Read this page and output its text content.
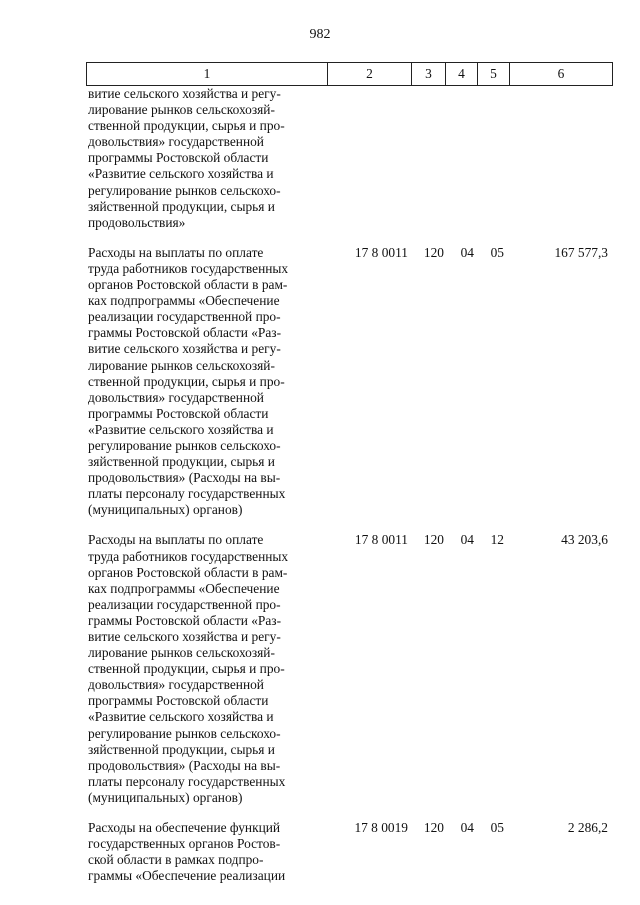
982
1	2	3	4	5	6
витие сельского хозяйства и регу-
лирование рынков сельскохозяй-
ственной продукции, сырья и про-
довольствия» государственной
программы Ростовской области
«Развитие сельского хозяйства и
регулирование рынков сельскохо-
зяйственной продукции, сырья и
продовольствия»
Расходы на выплаты по оплате
труда работников государственных
органов Ростовской области в рам-
ках подпрограммы «Обеспечение
реализации государственной про-
граммы Ростовской области «Раз-
витие сельского хозяйства и регу-
лирование рынков сельскохозяй-
ственной продукции, сырья и про-
довольствия» государственной
программы Ростовской области
«Развитие сельского хозяйства и
регулирование рынков сельскохо-
зяйственной продукции, сырья и
продовольствия» (Расходы на вы-
платы персоналу государственных
(муниципальных) органов)
17 8 0011	120	04	05	167 577,3
Расходы на выплаты по оплате
труда работников государственных
органов Ростовской области в рам-
ках подпрограммы «Обеспечение
реализации государственной про-
граммы Ростовской области «Раз-
витие сельского хозяйства и регу-
лирование рынков сельскохозяй-
ственной продукции, сырья и про-
довольствия» государственной
программы Ростовской области
«Развитие сельского хозяйства и
регулирование рынков сельскохо-
зяйственной продукции, сырья и
продовольствия» (Расходы на вы-
платы персоналу государственных
(муниципальных) органов)
17 8 0011	120	04	12	43 203,6
Расходы на обеспечение функций
государственных органов Ростов-
ской области в рамках подпро-
граммы «Обеспечение реализации
17 8 0019	120	04	05	2 286,2
